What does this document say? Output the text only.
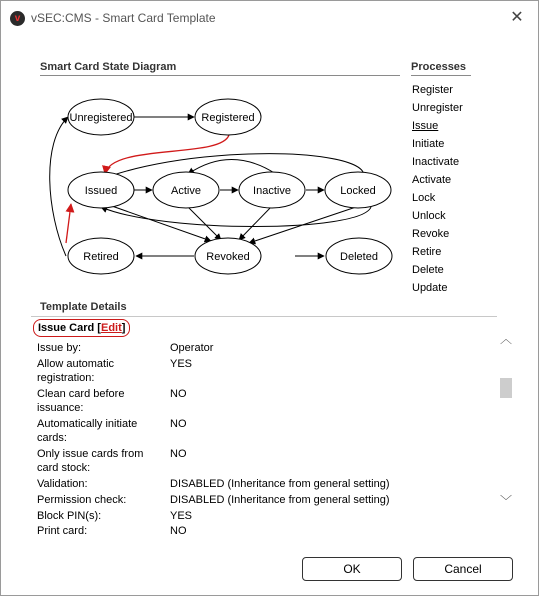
v vSEC:CMS - Smart Card Template	✕
Smart Card State Diagram	Processes
Unregistered	Registered
Issued	Active	Inactive	Locked
Retired	Revoked	Deleted
Register
Unregister
Issue
Initiate
Inactivate
Activate
Lock
Unlock
Revoke
Retire
Delete
Update
Template Details
Issue Card [Edit]
Issue by:	Operator
Allow automatic registration:
YES
Clean card before issuance:
NO
Automatically initiate cards:
NO
Only issue cards from card stock:
NO
Validation:	DISABLED (Inheritance from general setting)
Permission check:	DISABLED (Inheritance from general setting)
Block PIN(s):	YES
Print card:	NO
︿
﹀
OK	Cancel
